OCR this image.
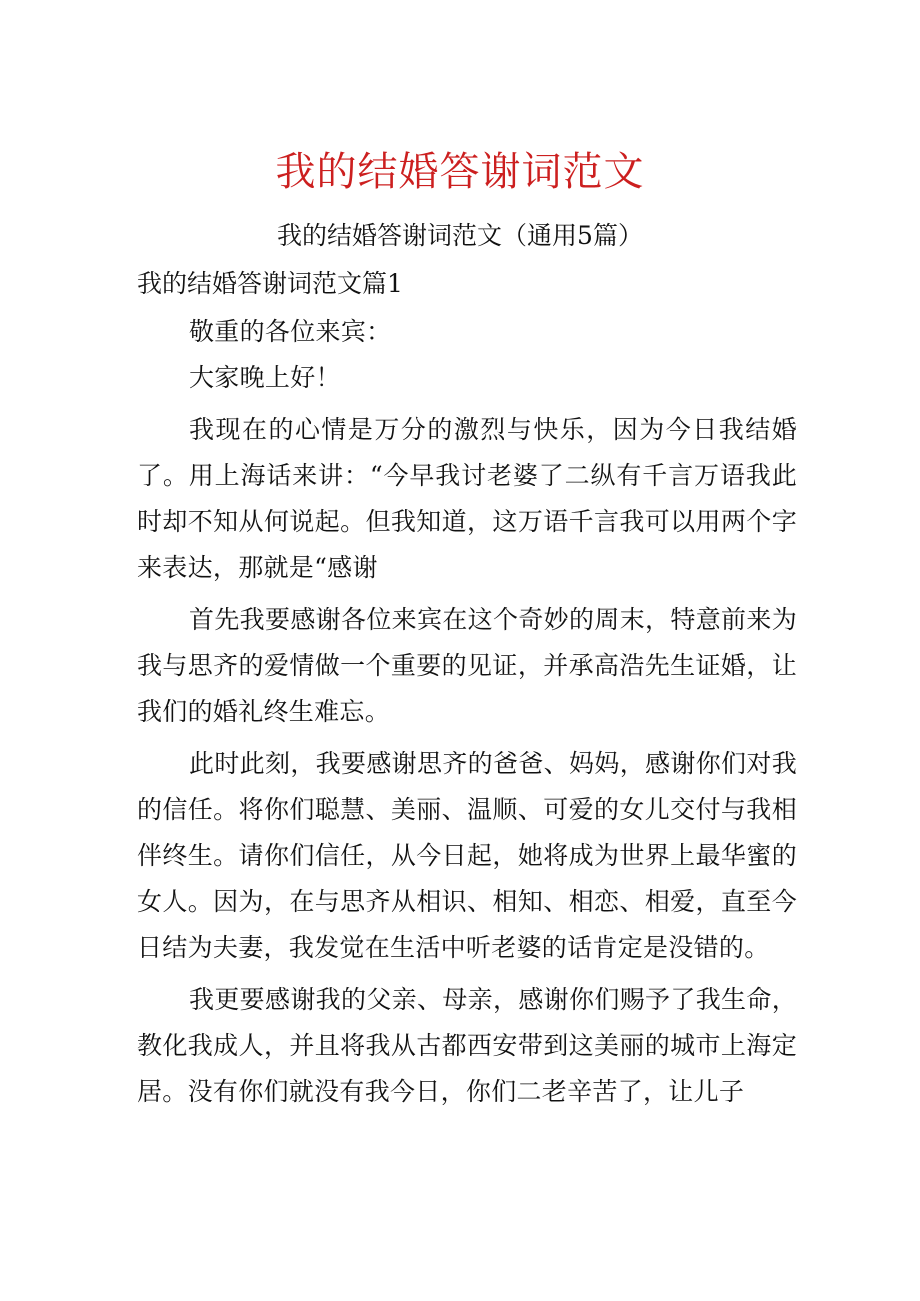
我的结婚答谢词范文

我的结婚答谢词范文（通用5篇）

我的结婚答谢词范文篇1

敬重的各位来宾：

大家晚上好！

我现在的心情是万分的激烈与快乐，因为今日我结婚了。用上海话来讲：“今早我讨老婆了二纵有千言万语我此时却不知从何说起。但我知道，这万语千言我可以用两个字来表达，那就是“感谢

首先我要感谢各位来宾在这个奇妙的周末，特意前来为我与思齐的爱情做一个重要的见证，并承高浩先生证婚，让我们的婚礼终生难忘。

此时此刻，我要感谢思齐的爸爸、妈妈，感谢你们对我的信任。将你们聪慧、美丽、温顺、可爱的女儿交付与我相伴终生。请你们信任，从今日起，她将成为世界上最华蜜的女人。因为，在与思齐从相识、相知、相恋、相爱，直至今日结为夫妻，我发觉在生活中听老婆的话肯定是没错的。

我更要感谢我的父亲、母亲，感谢你们赐予了我生命，教化我成人，并且将我从古都西安带到这美丽的城市上海定居。没有你们就没有我今日，你们二老辛苦了，让儿子
